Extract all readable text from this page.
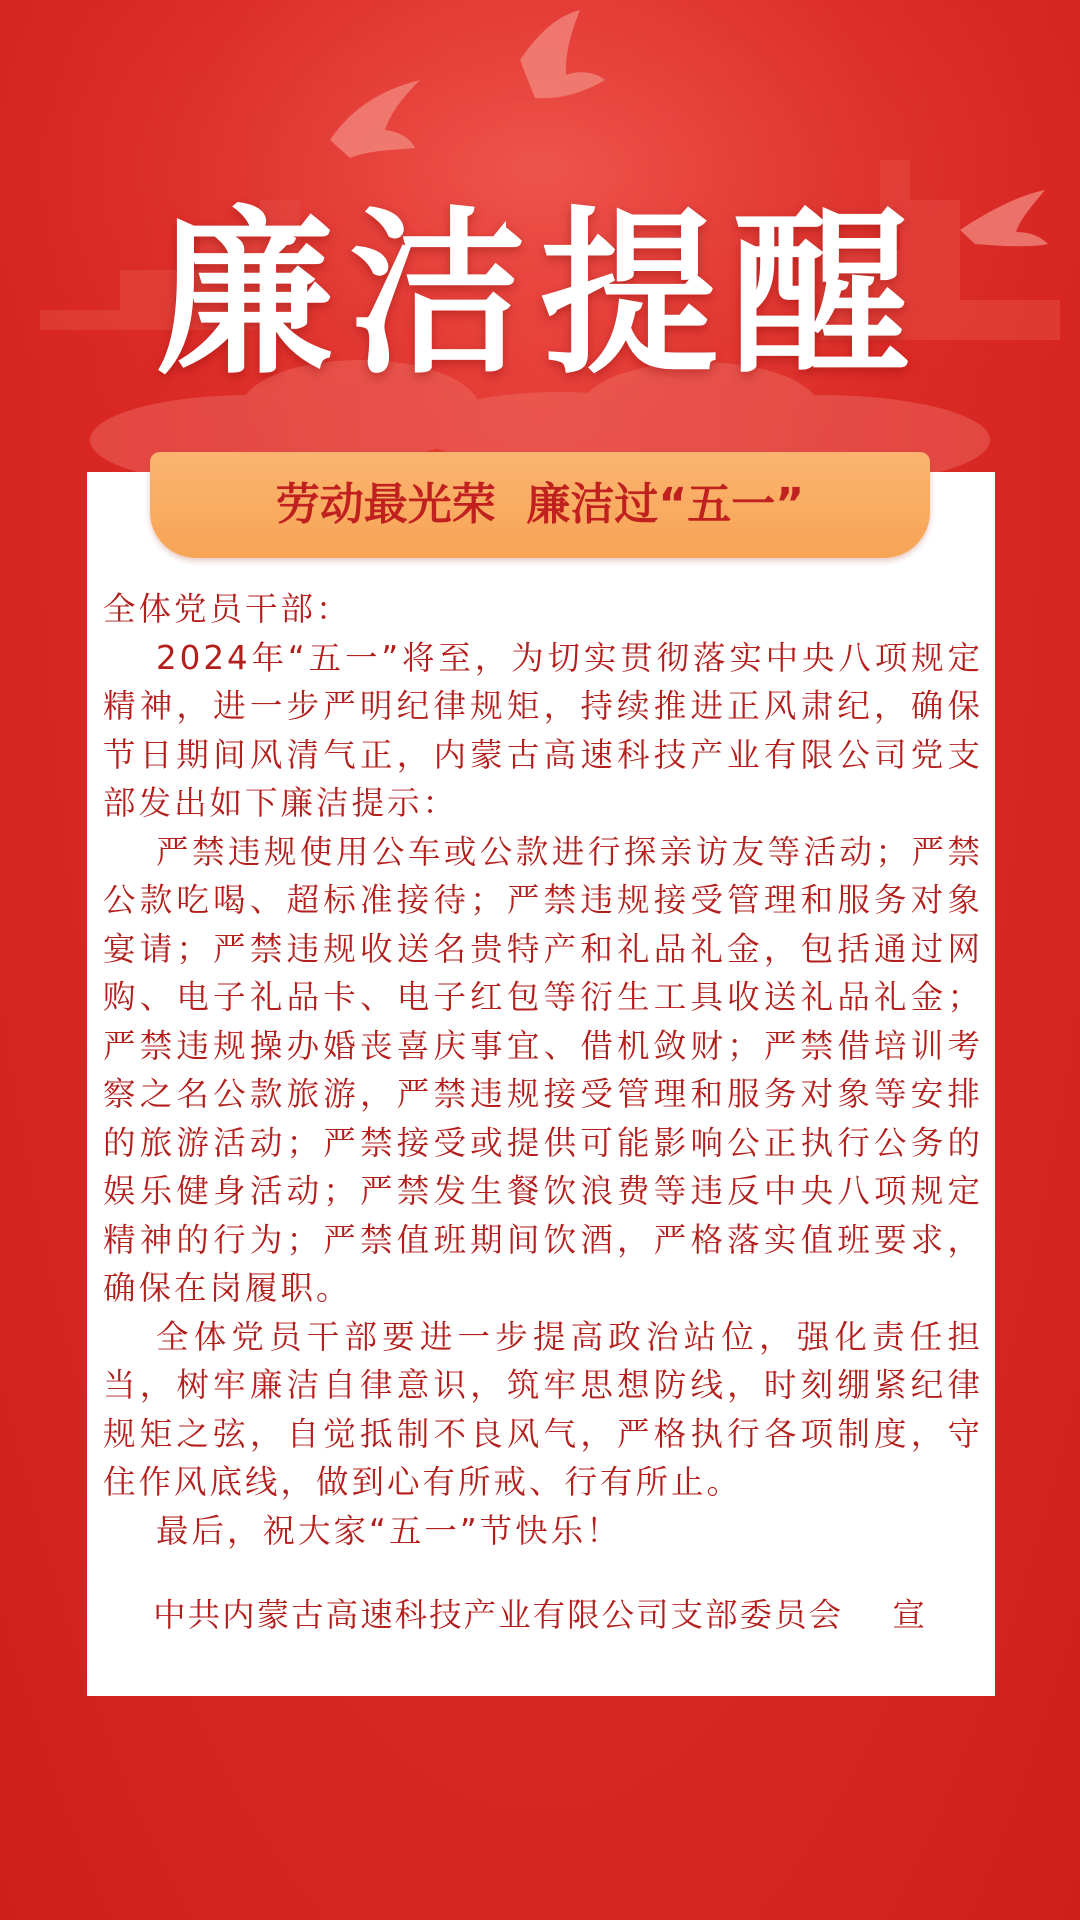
廉洁提醒
劳动最光荣  廉洁过“五一”

全体党员干部：

2024年“五一”将至，为切实贯彻落实中央八项规定精神，进一步严明纪律规矩，持续推进正风肃纪，确保节日期间风清气正，内蒙古高速科技产业有限公司党支部发出如下廉洁提示：

严禁违规使用公车或公款进行探亲访友等活动；严禁公款吃喝、超标准接待；严禁违规接受管理和服务对象宴请；严禁违规收送名贵特产和礼品礼金，包括通过网购、电子礼品卡、电子红包等衍生工具收送礼品礼金；严禁违规操办婚丧喜庆事宜、借机敛财；严禁借培训考察之名公款旅游，严禁违规接受管理和服务对象等安排的旅游活动；严禁接受或提供可能影响公正执行公务的娱乐健身活动；严禁发生餐饮浪费等违反中央八项规定精神的行为；严禁值班期间饮酒，严格落实值班要求，确保在岗履职。

全体党员干部要进一步提高政治站位，强化责任担当，树牢廉洁自律意识，筑牢思想防线，时刻绷紧纪律规矩之弦，自觉抵制不良风气，严格执行各项制度，守住作风底线，做到心有所戒、行有所止。

最后，祝大家“五一”节快乐！

中共内蒙古高速科技产业有限公司支部委员会    宣
